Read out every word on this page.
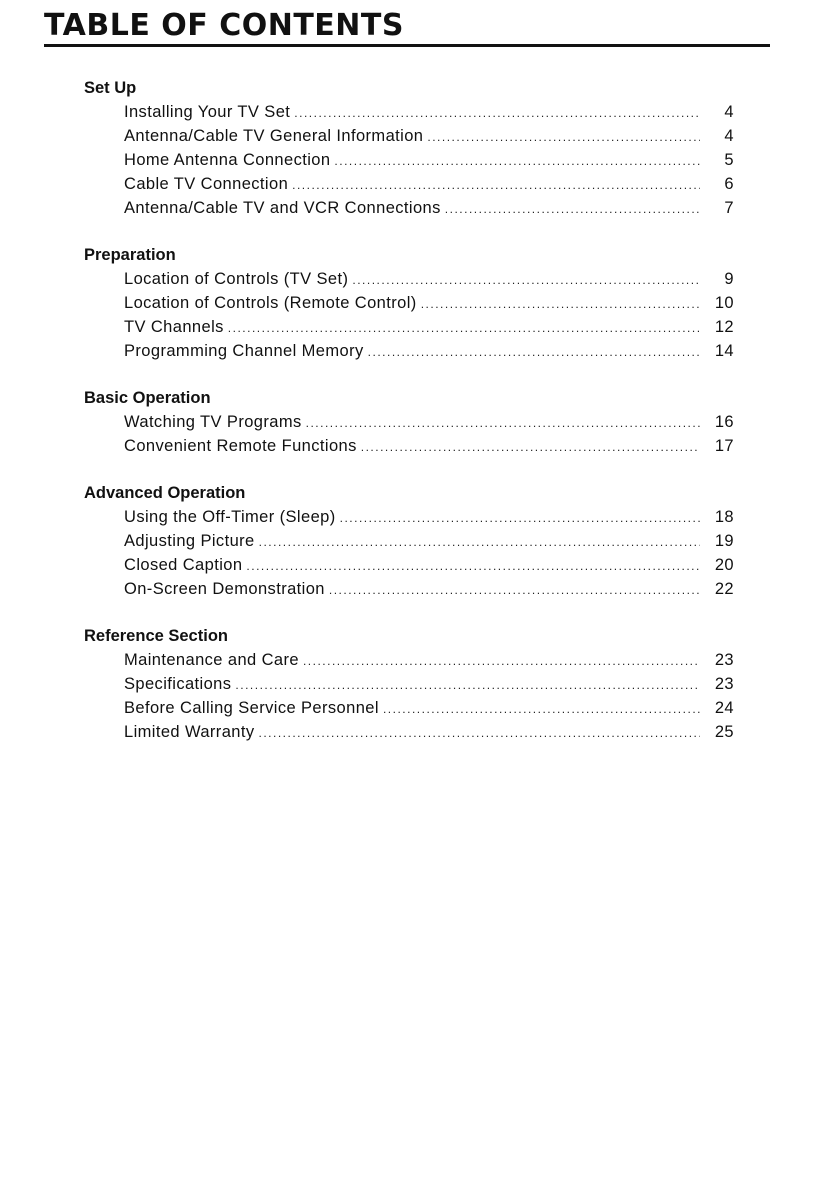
TABLE OF CONTENTS
Set Up
Installing Your TV Set .....	4
Antenna/Cable TV General Information .....	4
Home Antenna Connection .....	5
Cable TV Connection .....	6
Antenna/Cable TV and VCR Connections .....	7
Preparation
Location of Controls (TV Set) .....	9
Location of Controls (Remote Control) .....	10
TV Channels .....	12
Programming Channel Memory .....	14
Basic Operation
Watching TV Programs .....	16
Convenient Remote Functions .....	17
Advanced Operation
Using the Off-Timer (Sleep) .....	18
Adjusting Picture .....	19
Closed Caption .....	20
On-Screen Demonstration .....	22
Reference Section
Maintenance and Care .....	23
Specifications .....	23
Before Calling Service Personnel .....	24
Limited Warranty .....	25
